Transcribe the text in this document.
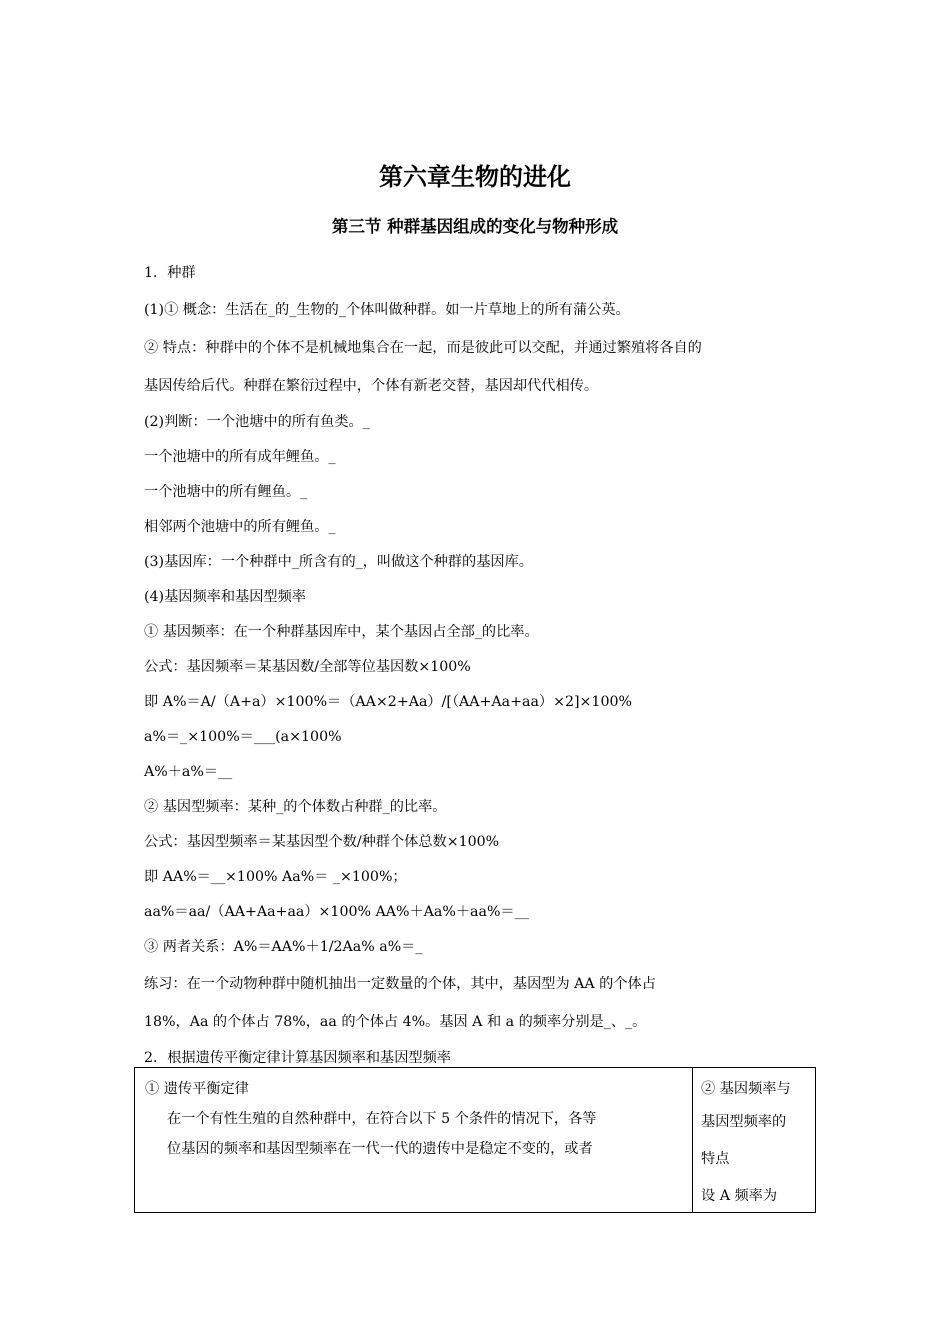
第六章生物的进化
第三节 种群基因组成的变化与物种形成
1．种群
(1)① 概念：生活在_的_生物的_个体叫做种群。如一片草地上的所有蒲公英。
② 特点：种群中的个体不是机械地集合在一起，而是彼此可以交配，并通过繁殖将各自的
基因传给后代。种群在繁衍过程中，个体有新老交替，基因却代代相传。
(2)判断：一个池塘中的所有鱼类。_
一个池塘中的所有成年鲤鱼。_
一个池塘中的所有鲤鱼。_
相邻两个池塘中的所有鲤鱼。_
(3)基因库：一个种群中_所含有的_，叫做这个种群的基因库。
(4)基因频率和基因型频率
① 基因频率：在一个种群基因库中，某个基因占全部_的比率。
公式：基因频率＝某基因数/全部等位基因数×100%
即 A%＝A/（A+a）×100%＝（AA×2+Aa）/[（AA+Aa+aa）×2]×100%
a%＝_×100%＝___(a×100%
A%＋a%＝__
② 基因型频率：某种_的个体数占种群_的比率。
公式：基因型频率＝某基因型个数/种群个体总数×100%
即 AA%＝__×100% Aa%＝ _×100%；
aa%＝aa/（AA+Aa+aa）×100% AA%＋Aa%＋aa%＝__
③ 两者关系：A%＝AA%＋1/2Aa% a%＝_
练习：在一个动物种群中随机抽出一定数量的个体，其中，基因型为 AA 的个体占
18%，Aa 的个体占 78%，aa 的个体占 4%。基因 A 和 a 的频率分别是_、_。
2．根据遗传平衡定律计算基因频率和基因型频率
① 遗传平衡定律
在一个有性生殖的自然种群中，在符合以下 5 个条件的情况下，各等
位基因的频率和基因型频率在一代一代的遗传中是稳定不变的，或者
② 基因频率与
基因型频率的
特点
设 A 频率为
